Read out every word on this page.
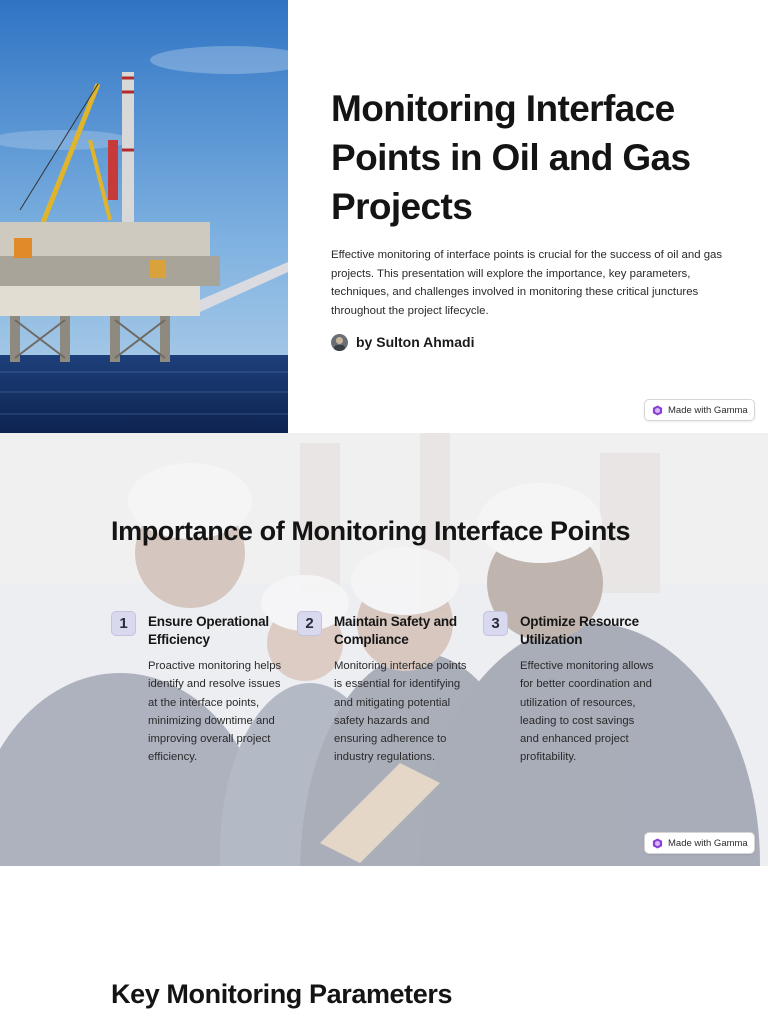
Monitoring Interface Points in Oil and Gas Projects

Effective monitoring of interface points is crucial for the success of oil and gas projects. This presentation will explore the importance, key parameters, techniques, and challenges involved in monitoring these critical junctures throughout the project lifecycle.

by Sulton Ahmadi
Made with Gamma
Importance of Monitoring Interface Points
1	Ensure Operational Efficiency

Proactive monitoring helps identify and resolve issues at the interface points, minimizing downtime and improving overall project efficiency.

2	Maintain Safety and Compliance

Monitoring interface points is essential for identifying and mitigating potential safety hazards and ensuring adherence to industry regulations.

3	Optimize Resource Utilization

Effective monitoring allows for better coordination and utilization of resources, leading to cost savings and enhanced project profitability.

Made with Gamma
Key Monitoring Parameters
